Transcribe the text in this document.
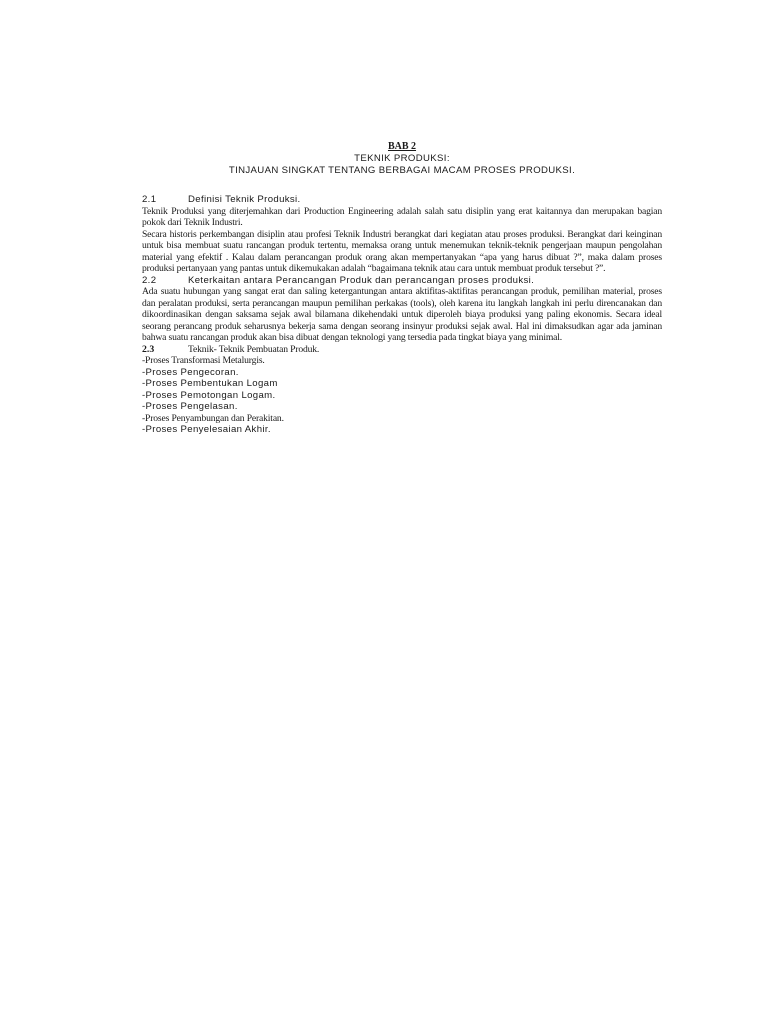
BAB 2
TEKNIK PRODUKSI:
TINJAUAN SINGKAT TENTANG BERBAGAI MACAM PROSES PRODUKSI.
2.1	Definisi Teknik Produksi.

Teknik Produksi yang diterjemahkan dari Production Engineering adalah salah satu disiplin yang erat kaitannya dan merupakan bagian pokok dari Teknik Industri.

Secara historis perkembangan disiplin atau profesi Teknik Industri berangkat dari kegiatan atau proses produksi. Berangkat dari keinginan untuk bisa membuat suatu rancangan produk tertentu, memaksa orang untuk menemukan teknik-teknik pengerjaan maupun pengolahan material yang efektif . Kalau dalam perancangan produk orang akan mempertanyakan “apa yang harus dibuat ?”, maka dalam proses produksi pertanyaan yang pantas untuk dikemukakan adalah “bagaimana teknik atau cara untuk membuat produk tersebut ?”.

2.2	Keterkaitan antara Perancangan Produk dan perancangan proses produksi.

Ada suatu hubungan yang sangat erat dan saling ketergantungan antara aktifitas-aktifitas perancangan produk, pemilihan material, proses dan peralatan produksi, serta perancangan maupun pemilihan perkakas (tools), oleh karena itu langkah langkah ini perlu direncanakan dan dikoordinasikan dengan saksama sejak awal bilamana dikehendaki untuk diperoleh biaya produksi yang paling ekonomis. Secara ideal seorang perancang produk seharusnya bekerja sama dengan seorang insinyur produksi sejak awal. Hal ini dimaksudkan agar ada jaminan bahwa suatu rancangan produk akan bisa dibuat dengan teknologi yang tersedia pada tingkat biaya yang minimal.

2.3	Teknik- Teknik Pembuatan Produk.
-Proses Transformasi Metalurgis.
-Proses Pengecoran.
-Proses Pembentukan Logam
-Proses Pemotongan Logam.
-Proses Pengelasan.
-Proses Penyambungan dan Perakitan.
-Proses Penyelesaian Akhir.
